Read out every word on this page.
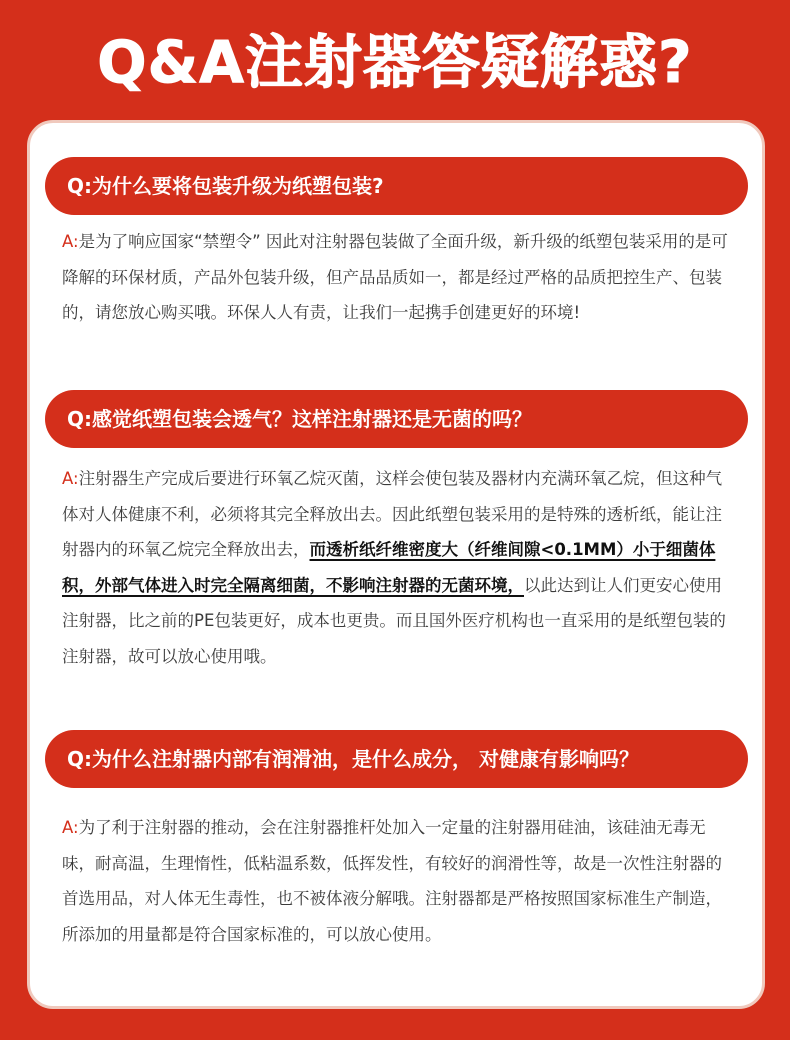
Q&A注射器答疑解惑?
Q:为什么要将包装升级为纸塑包装?

A:是为了响应国家“禁塑令” 因此对注射器包装做了全面升级，新升级的纸塑包装采用的是可降解的环保材质，产品外包装升级，但产品品质如一，都是经过严格的品质把控生产、包装的，请您放心购买哦。环保人人有责，让我们一起携手创建更好的环境!

Q:感觉纸塑包装会透气？这样注射器还是无菌的吗？

A:注射器生产完成后要进行环氧乙烷灭菌，这样会使包装及器材内充满环氧乙烷，但这种气体对人体健康不利，必须将其完全释放出去。因此纸塑包装采用的是特殊的透析纸，能让注射器内的环氧乙烷完全释放出去，而透析纸纤维密度大（纤维间隙<0.1MM）小于细菌体积，外部气体进入时完全隔离细菌，不影响注射器的无菌环境，以此达到让人们更安心使用注射器，比之前的PE包装更好，成本也更贵。而且国外医疗机构也一直采用的是纸塑包装的注射器，故可以放心使用哦。

Q:为什么注射器内部有润滑油，是什么成分， 对健康有影响吗？

A:为了利于注射器的推动，会在注射器推杆处加入一定量的注射器用硅油，该硅油无毒无味，耐高温，生理惰性，低粘温系数，低挥发性，有较好的润滑性等，故是一次性注射器的首选用品，对人体无生毒性，也不被体液分解哦。注射器都是严格按照国家标准生产制造，所添加的用量都是符合国家标准的，可以放心使用。
